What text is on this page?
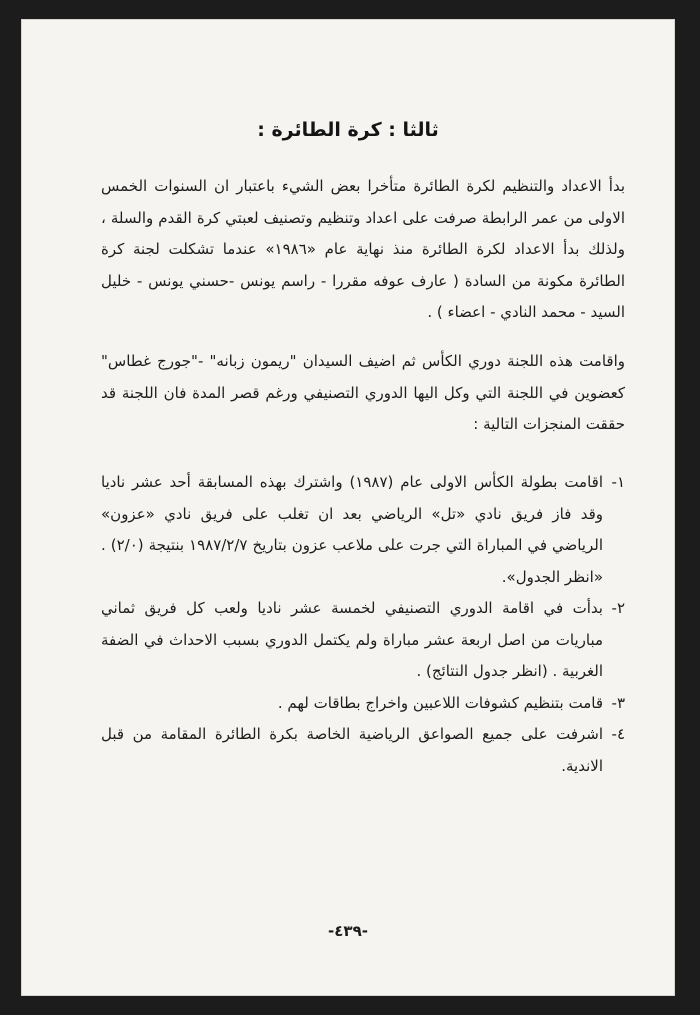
ثالثا : كرة الطائرة :
بدأ الاعداد والتنظيم لكرة الطائرة متأخرا بعض الشيء باعتبار ان السنوات الخمس الاولى من عمر الرابطة صرفت على اعداد وتنظيم وتصنيف لعبتي كرة القدم والسلة ، ولذلك بدأ الاعداد لكرة الطائرة منذ نهاية عام «١٩٨٦» عندما تشكلت لجنة كرة الطائرة مكونة من السادة ( عارف عوفه مقررا - راسم يونس -حسني يونس - خليل السيد - محمد النادي - اعضاء ) .
واقامت هذه اللجنة دوري الكأس ثم اضيف السيدان "ريمون زبانه" -"جورج غطاس" كعضوين في اللجنة التي وكل اليها الدوري التصنيفي ورغم قصر المدة فان اللجنة قد حققت المنجزات التالية :
١-
اقامت بطولة الكأس الاولى عام (١٩٨٧) واشترك بهذه المسابقة أحد عشر ناديا وقد فاز فريق نادي «تل» الرياضي بعد ان تغلب على فريق نادي «عزون» الرياضي في المباراة التي جرت على ملاعب عزون بتاريخ ١٩٨٧/٢/٧ بنتيجة (٢/٠) . «انظر الجدول».
٢-
بدأت في اقامة الدوري التصنيفي لخمسة عشر ناديا ولعب كل فريق ثماني مباريات من اصل اربعة عشر مباراة ولم يكتمل الدوري بسبب الاحداث في الضفة الغربية . (انظر جدول النتائج) .
٣-
قامت بتنظيم كشوفات اللاعبين واخراج بطاقات لهم .
٤-
اشرفت على جميع الصواعق الرياضية الخاصة بكرة الطائرة المقامة من قبل الاندية.
-٤٣٩-
